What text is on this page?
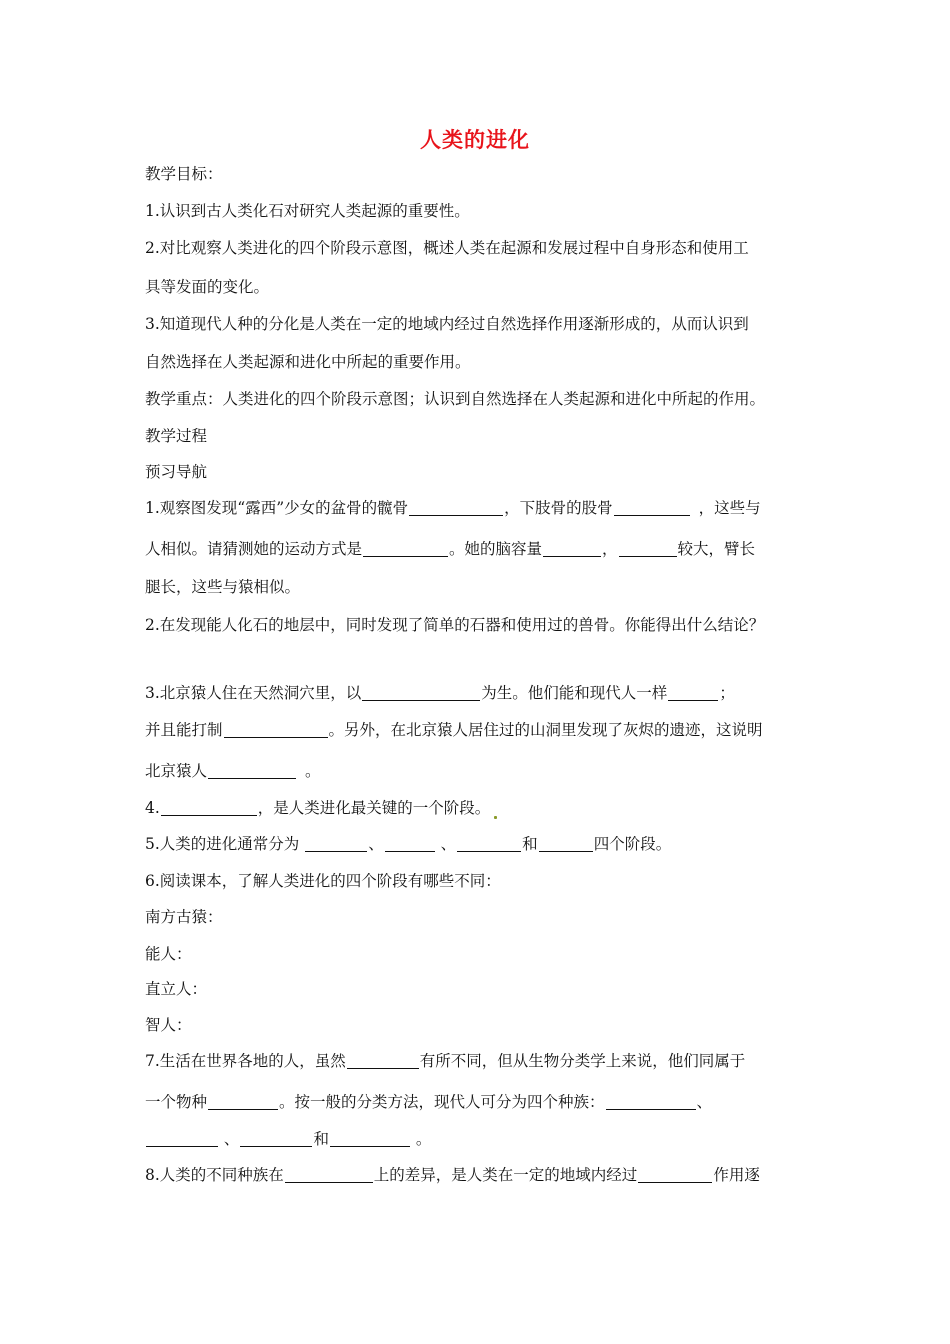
人类的进化
教学目标：
1.认识到古人类化石对研究人类起源的重要性。
2.对比观察人类进化的四个阶段示意图，概述人类在起源和发展过程中自身形态和使用工
具等发面的变化。
3.知道现代人种的分化是人类在一定的地域内经过自然选择作用逐渐形成的，从而认识到
自然选择在人类起源和进化中所起的重要作用。
教学重点：人类进化的四个阶段示意图；认识到自然选择在人类起源和进化中所起的作用。
教学过程
预习导航
1.观察图发现“露西”少女的盆骨的髋骨	，下肢骨的股骨	，这些与
人相似。请猜测她的运动方式是	。她的脑容量	，	较大，臂长
腿长，这些与猿相似。
2.在发现能人化石的地层中，同时发现了简单的石器和使用过的兽骨。你能得出什么结论？
3.北京猿人住在天然洞穴里，以	为生。他们能和现代人一样	；
并且能打制	。另外，在北京猿人居住过的山洞里发现了灰烬的遗迹，这说明
北京猿人	。
4.	，是人类进化最关键的一个阶段。
5.人类的进化通常分为	、	、	和	四个阶段。
6.阅读课本，了解人类进化的四个阶段有哪些不同：
南方古猿：
能人：
直立人：
智人：
7.生活在世界各地的人，虽然	有所不同，但从生物分类学上来说，他们同属于
一个物种	。按一般的分类方法，现代人可分为四个种族：	、
、	和	。
8.人类的不同种族在	上的差异，是人类在一定的地域内经过	作用逐
